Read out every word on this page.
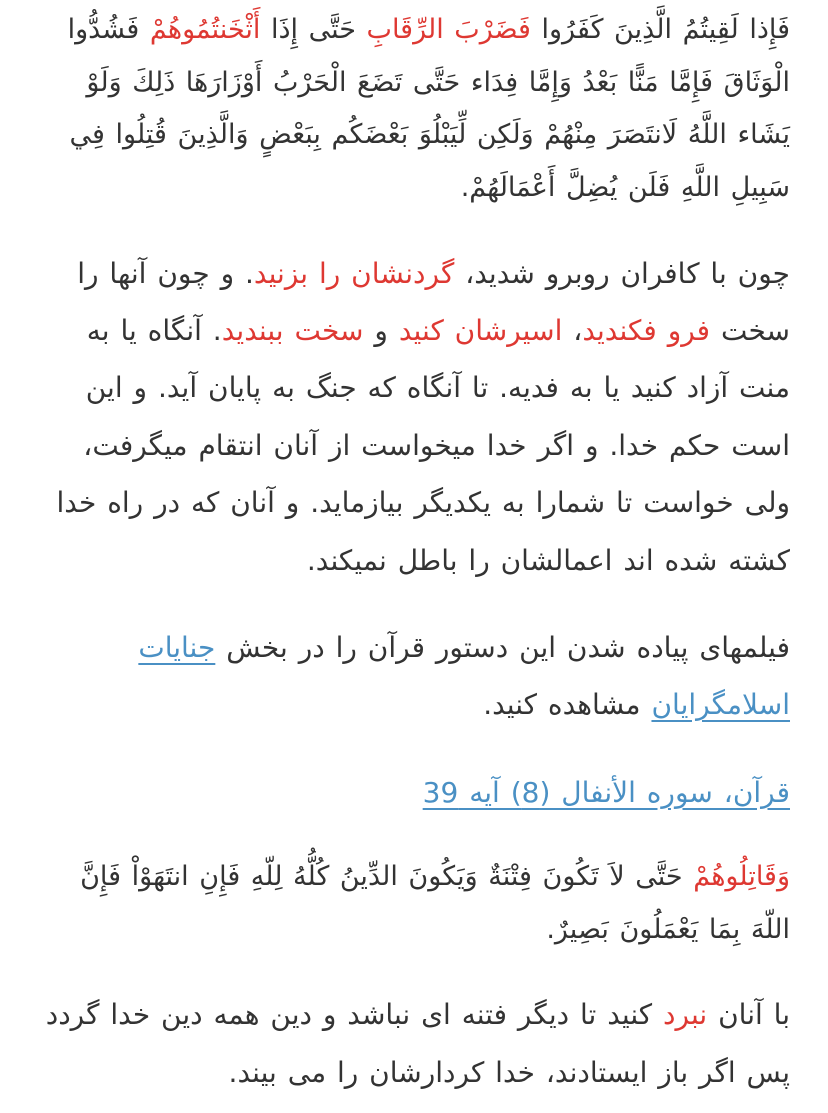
فَإِذا لَقِيتُمُ الَّذِينَ كَفَرُوا فَضَرْبَ الرِّقَابِ حَتَّى إِذَا أَثْخَنتُمُوهُمْ فَشُدُّوا الْوَثَاقَ فَإِمَّا مَنًّا بَعْدُ وَإِمَّا فِدَاء حَتَّى تَضَعَ الْحَرْبُ أَوْزَارَهَا ذَلِكَ وَلَوْ يَشَاء اللَّهُ لَانتَصَرَ مِنْهُمْ وَلَكِن لِّيَبْلُوَ بَعْضَكُم بِبَعْضٍ وَالَّذِينَ قُتِلُوا فِي سَبِيلِ اللَّهِ فَلَن يُضِلَّ أَعْمَالَهُمْ.

چون با کافران روبرو شدید، گردنشان را بزنید. و چون آنها را سخت فرو فکندید، اسیرشان کنید و سخت ببندید. آنگاه یا به منت آزاد کنید یا به فدیه. تا آنگاه که جنگ به پایان آید. و این است حکم خدا. و اگر خدا میخواست از آنان انتقام میگرفت، ولی خواست تا شمارا به یکدیگر بیازماید. و آنان که در راه خدا کشته شده اند اعمالشان را باطل نمیکند.

فیلمهای پیاده شدن این دستور قرآن را در بخش جنایات اسلامگرایان مشاهده کنید.

قرآن، سوره الأنفال (8) آیه 39

وَقَاتِلُوهُمْ حَتَّى لاَ تَكُونَ فِتْنَةٌ وَيَكُونَ الدِّينُ كُلُّهُ لِلّهِ فَإِنِ انتَهَوْاْ فَإِنَّ اللّهَ بِمَا يَعْمَلُونَ بَصِيرٌ.

با آنان نبرد کنید تا دیگر فتنه ای نباشد و دین همه دین خدا گردد پس اگر باز ایستادند، خدا کردارشان را می بیند.
